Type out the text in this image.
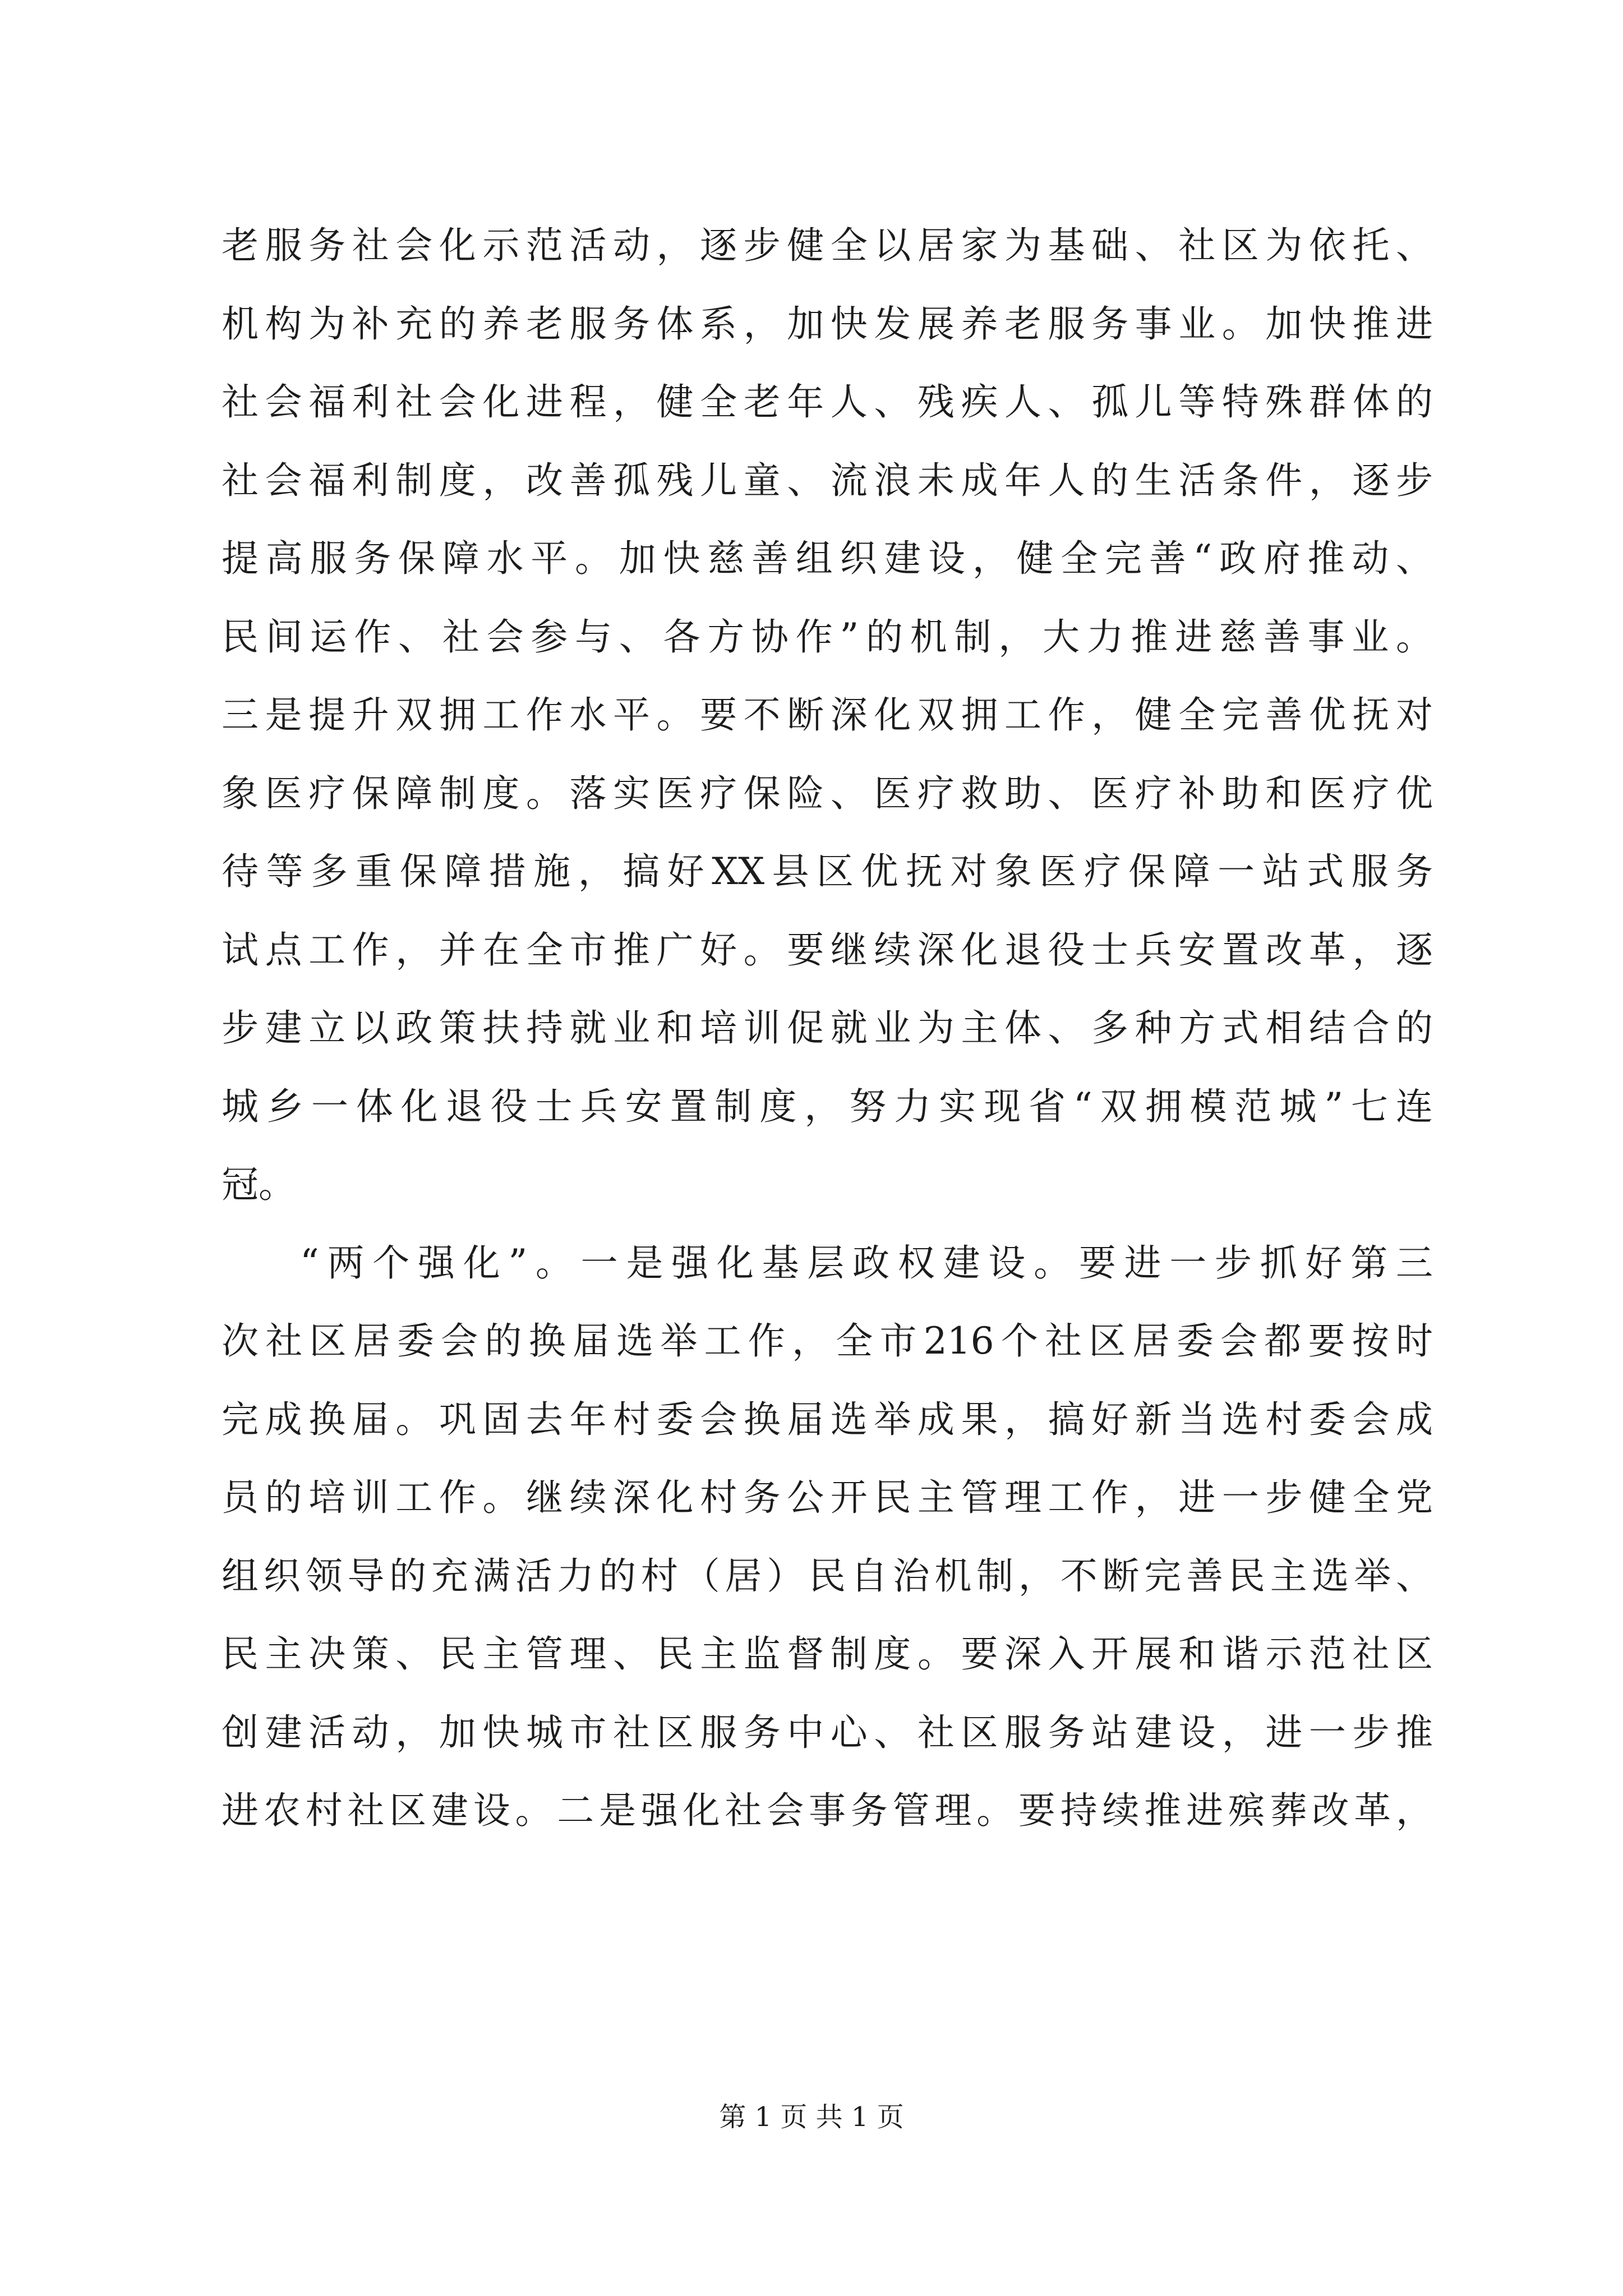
老服务社会化示范活动，逐步健全以居家为基础、社区为依托、
机构为补充的养老服务体系，加快发展养老服务事业。加快推进
社会福利社会化进程，健全老年人、残疾人、孤儿等特殊群体的
社会福利制度，改善孤残儿童、流浪未成年人的生活条件，逐步
提高服务保障水平。加快慈善组织建设，健全完善“政府推动、
民间运作、社会参与、各方协作”的机制，大力推进慈善事业。
三是提升双拥工作水平。要不断深化双拥工作，健全完善优抚对
象医疗保障制度。落实医疗保险、医疗救助、医疗补助和医疗优
待等多重保障措施，搞好XX县区优抚对象医疗保障一站式服务
试点工作，并在全市推广好。要继续深化退役士兵安置改革，逐
步建立以政策扶持就业和培训促就业为主体、多种方式相结合的
城乡一体化退役士兵安置制度，努力实现省“双拥模范城”七连
冠。
“两个强化”。一是强化基层政权建设。要进一步抓好第三
次社区居委会的换届选举工作，全市216个社区居委会都要按时
完成换届。巩固去年村委会换届选举成果，搞好新当选村委会成
员的培训工作。继续深化村务公开民主管理工作，进一步健全党
组织领导的充满活力的村（居）民自治机制，不断完善民主选举、
民主决策、民主管理、民主监督制度。要深入开展和谐示范社区
创建活动，加快城市社区服务中心、社区服务站建设，进一步推
进农村社区建设。二是强化社会事务管理。要持续推进殡葬改革，
第 1 页 共 1 页
